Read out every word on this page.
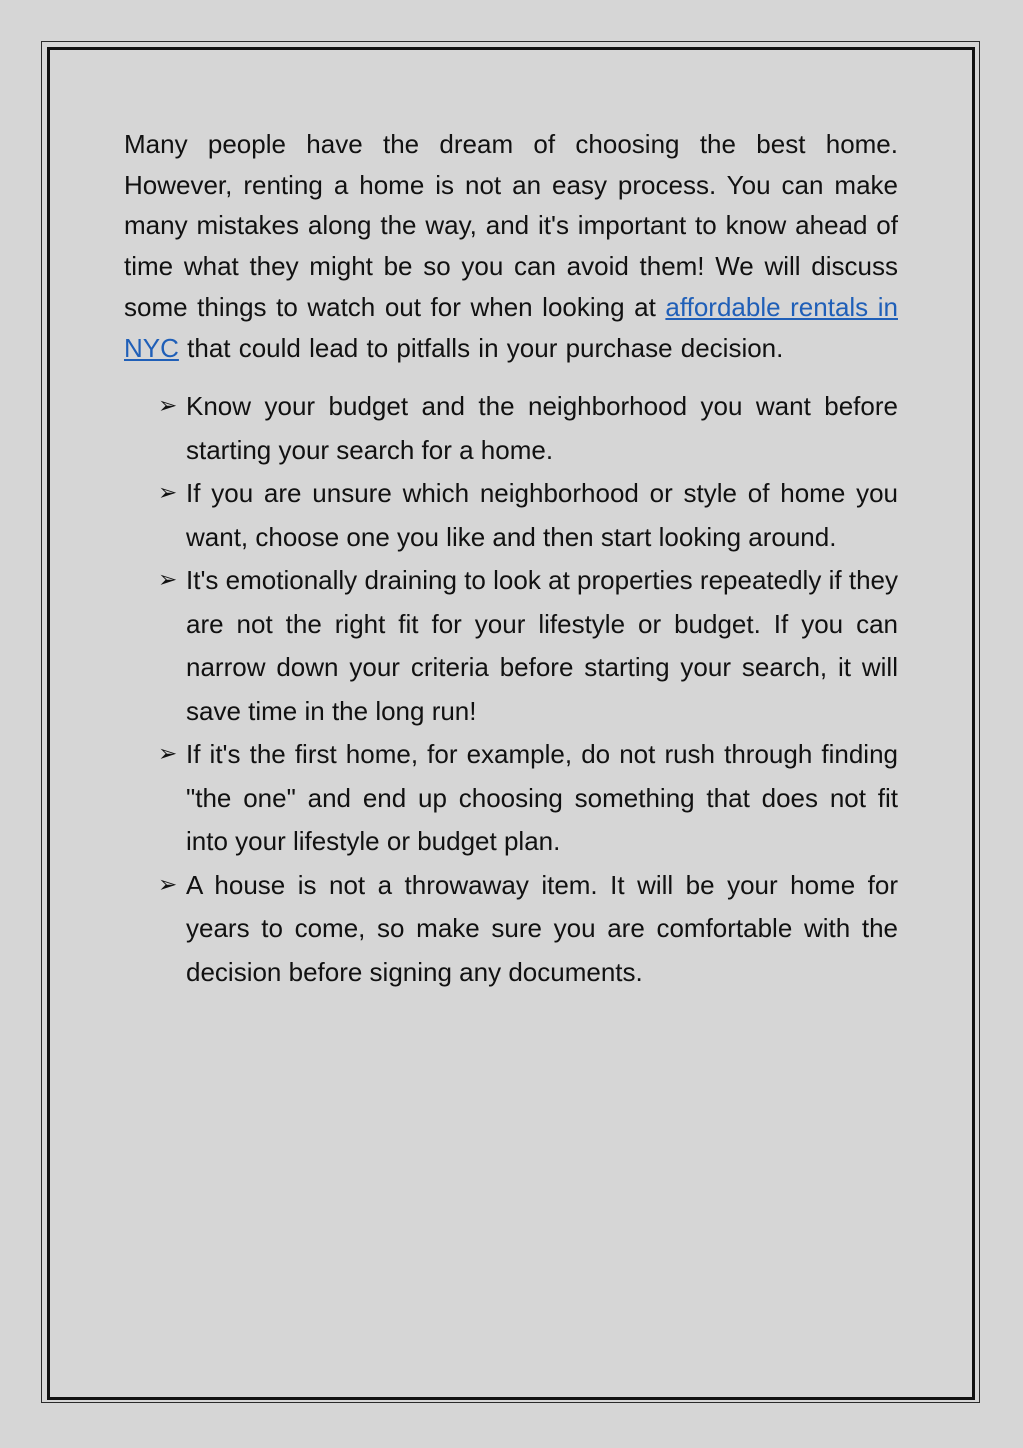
Many people have the dream of choosing the best home. However, renting a home is not an easy process. You can make many mistakes along the way, and it's important to know ahead of time what they might be so you can avoid them! We will discuss some things to watch out for when looking at affordable rentals in NYC that could lead to pitfalls in your purchase decision.

➢ Know your budget and the neighborhood you want before starting your search for a home.
➢ If you are unsure which neighborhood or style of home you want, choose one you like and then start looking around.
➢ It's emotionally draining to look at properties repeatedly if they are not the right fit for your lifestyle or budget. If you can narrow down your criteria before starting your search, it will save time in the long run!
➢ If it's the first home, for example, do not rush through finding "the one" and end up choosing something that does not fit into your lifestyle or budget plan.
➢ A house is not a throwaway item. It will be your home for years to come, so make sure you are comfortable with the decision before signing any documents.
